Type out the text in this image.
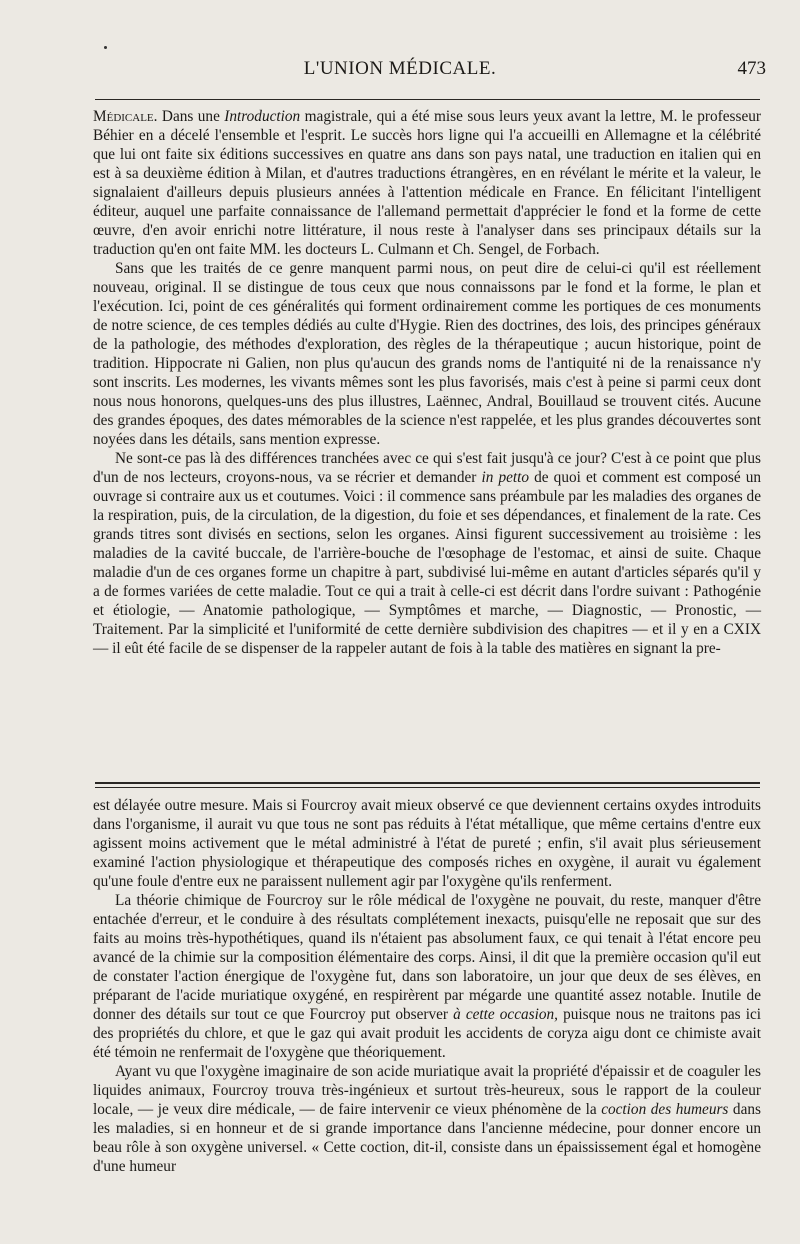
L'UNION MÉDICALE.	473

Médicale. Dans une Introduction magistrale, qui a été mise sous leurs yeux avant la lettre, M. le professeur Béhier en a décelé l'ensemble et l'esprit. Le succès hors ligne qui l'a accueilli en Allemagne et la célébrité que lui ont faite six éditions successives en quatre ans dans son pays natal, une traduction en italien qui en est à sa deuxième édition à Milan, et d'autres traductions étrangères, en en révélant le mérite et la valeur, le signalaient d'ailleurs depuis plusieurs années à l'attention médicale en France. En félicitant l'intelligent éditeur, auquel une parfaite connaissance de l'allemand permettait d'apprécier le fond et la forme de cette œuvre, d'en avoir enrichi notre littérature, il nous reste à l'analyser dans ses principaux détails sur la traduction qu'en ont faite MM. les docteurs L. Culmann et Ch. Sengel, de Forbach.

Sans que les traités de ce genre manquent parmi nous, on peut dire de celui-ci qu'il est réellement nouveau, original. Il se distingue de tous ceux que nous connaissons par le fond et la forme, le plan et l'exécution. Ici, point de ces généralités qui forment ordinairement comme les portiques de ces monuments de notre science, de ces temples dédiés au culte d'Hygie. Rien des doctrines, des lois, des principes généraux de la pathologie, des méthodes d'exploration, des règles de la thérapeutique ; aucun historique, point de tradition. Hippocrate ni Galien, non plus qu'aucun des grands noms de l'antiquité ni de la renaissance n'y sont inscrits. Les modernes, les vivants mêmes sont les plus favorisés, mais c'est à peine si parmi ceux dont nous nous honorons, quelques-uns des plus illustres, Laënnec, Andral, Bouillaud se trouvent cités. Aucune des grandes époques, des dates mémorables de la science n'est rappelée, et les plus grandes découvertes sont noyées dans les détails, sans mention expresse.

Ne sont-ce pas là des différences tranchées avec ce qui s'est fait jusqu'à ce jour? C'est à ce point que plus d'un de nos lecteurs, croyons-nous, va se récrier et demander in petto de quoi et comment est composé un ouvrage si contraire aux us et coutumes. Voici : il commence sans préambule par les maladies des organes de la respiration, puis, de la circulation, de la digestion, du foie et ses dépendances, et finalement de la rate. Ces grands titres sont divisés en sections, selon les organes. Ainsi figurent successivement au troisième : les maladies de la cavité buccale, de l'arrière-bouche de l'œsophage de l'estomac, et ainsi de suite. Chaque maladie d'un de ces organes forme un chapitre à part, subdivisé lui-même en autant d'articles séparés qu'il y a de formes variées de cette maladie. Tout ce qui a trait à celle-ci est décrit dans l'ordre suivant : Pathogénie et étiologie, — Anatomie pathologique, — Symptômes et marche, — Diagnostic, — Pronostic, — Traitement. Par la simplicité et l'uniformité de cette dernière subdivision des chapitres — et il y en a CXIX — il eût été facile de se dispenser de la rappeler autant de fois à la table des matières en signant la pre-

est délayée outre mesure. Mais si Fourcroy avait mieux observé ce que deviennent certains oxydes introduits dans l'organisme, il aurait vu que tous ne sont pas réduits à l'état métallique, que même certains d'entre eux agissent moins activement que le métal administré à l'état de pureté ; enfin, s'il avait plus sérieusement examiné l'action physiologique et thérapeutique des composés riches en oxygène, il aurait vu également qu'une foule d'entre eux ne paraissent nullement agir par l'oxygène qu'ils renferment.

La théorie chimique de Fourcroy sur le rôle médical de l'oxygène ne pouvait, du reste, manquer d'être entachée d'erreur, et le conduire à des résultats complétement inexacts, puisqu'elle ne reposait que sur des faits au moins très-hypothétiques, quand ils n'étaient pas absolument faux, ce qui tenait à l'état encore peu avancé de la chimie sur la composition élémentaire des corps. Ainsi, il dit que la première occasion qu'il eut de constater l'action énergique de l'oxygène fut, dans son laboratoire, un jour que deux de ses élèves, en préparant de l'acide muriatique oxygéné, en respirèrent par mégarde une quantité assez notable. Inutile de donner des détails sur tout ce que Fourcroy put observer à cette occasion, puisque nous ne traitons pas ici des propriétés du chlore, et que le gaz qui avait produit les accidents de coryza aigu dont ce chimiste avait été témoin ne renfermait de l'oxygène que théoriquement.

Ayant vu que l'oxygène imaginaire de son acide muriatique avait la propriété d'épaissir et de coaguler les liquides animaux, Fourcroy trouva très-ingénieux et surtout très-heureux, sous le rapport de la couleur locale, — je veux dire médicale, — de faire intervenir ce vieux phénomène de la coction des humeurs dans les maladies, si en honneur et de si grande importance dans l'ancienne médecine, pour donner encore un beau rôle à son oxygène universel. « Cette coction, dit-il, consiste dans un épaississement égal et homogène d'une humeur
